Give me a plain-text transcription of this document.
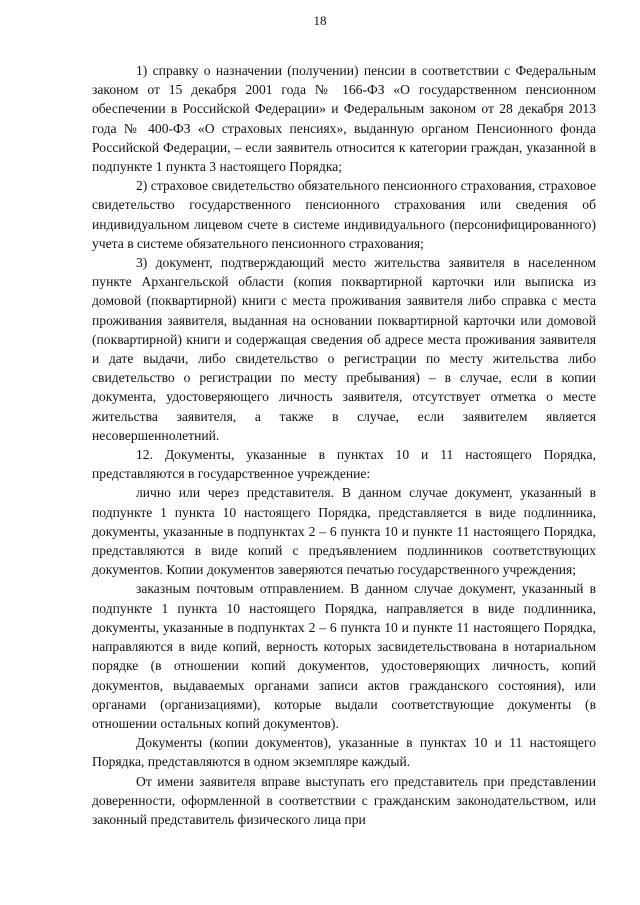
18

1) справку о назначении (получении) пенсии в соответствии с Федеральным законом от 15 декабря 2001 года № 166-ФЗ «О государственном пенсионном обеспечении в Российской Федерации» и Федеральным законом от 28 декабря 2013 года № 400-ФЗ «О страховых пенсиях», выданную органом Пенсионного фонда Российской Федерации, – если заявитель относится к категории граждан, указанной в подпункте 1 пункта 3 настоящего Порядка;

2) страховое свидетельство обязательного пенсионного страхования, страховое свидетельство государственного пенсионного страхования или сведения об индивидуальном лицевом счете в системе индивидуального (персонифицированного) учета в системе обязательного пенсионного страхования;

3) документ, подтверждающий место жительства заявителя в населенном пункте Архангельской области (копия поквартирной карточки или выписка из домовой (поквартирной) книги с места проживания заявителя либо справка с места проживания заявителя, выданная на основании поквартирной карточки или домовой (поквартирной) книги и содержащая сведения об адресе места проживания заявителя и дате выдачи, либо свидетельство о регистрации по месту жительства либо свидетельство о регистрации по месту пребывания) – в случае, если в копии документа, удостоверяющего личность заявителя, отсутствует отметка о месте жительства заявителя, а также в случае, если заявителем является несовершеннолетний.

12. Документы, указанные в пунктах 10 и 11 настоящего Порядка, представляются в государственное учреждение:

лично или через представителя. В данном случае документ, указанный в подпункте 1 пункта 10 настоящего Порядка, представляется в виде подлинника, документы, указанные в подпунктах 2 – 6 пункта 10 и пункте 11 настоящего Порядка, представляются в виде копий с предъявлением подлинников соответствующих документов. Копии документов заверяются печатью государственного учреждения;

заказным почтовым отправлением. В данном случае документ, указанный в подпункте 1 пункта 10 настоящего Порядка, направляется в виде подлинника, документы, указанные в подпунктах 2 – 6 пункта 10 и пункте 11 настоящего Порядка, направляются в виде копий, верность которых засвидетельствована в нотариальном порядке (в отношении копий документов, удостоверяющих личность, копий документов, выдаваемых органами записи актов гражданского состояния), или органами (организациями), которые выдали соответствующие документы (в отношении остальных копий документов).

Документы (копии документов), указанные в пунктах 10 и 11 настоящего Порядка, представляются в одном экземпляре каждый.

От имени заявителя вправе выступать его представитель при представлении доверенности, оформленной в соответствии с гражданским законодательством, или законный представитель физического лица при
